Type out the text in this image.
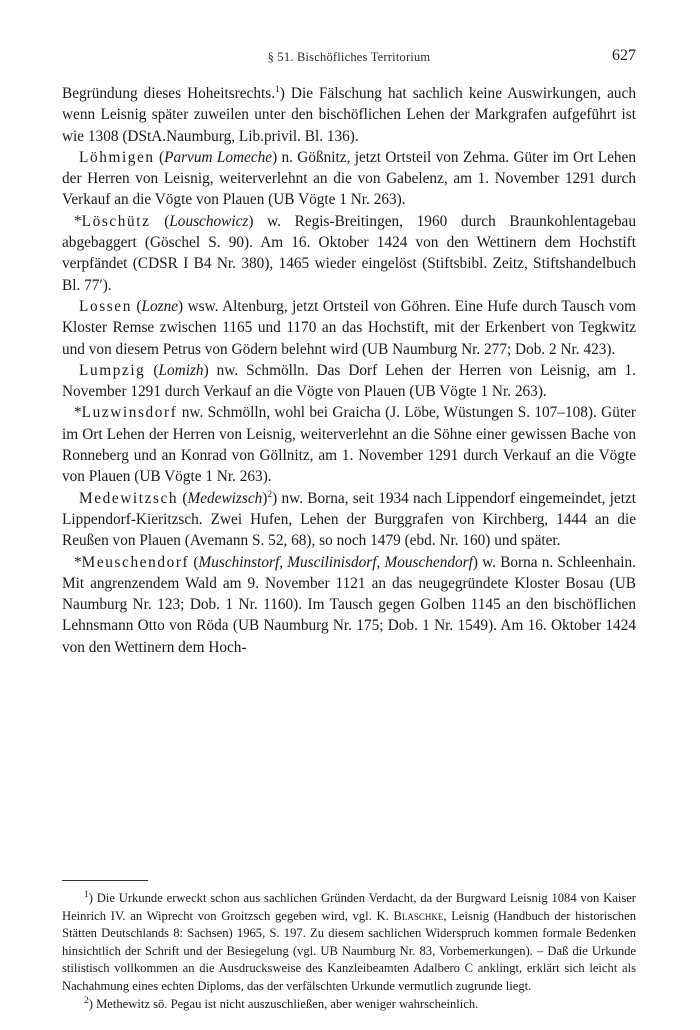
§ 51. Bischöfliches Territorium	627

Begründung dieses Hoheitsrechts.$^1$) Die Fälschung hat sachlich keine Auswirkungen, auch wenn Leisnig später zuweilen unter den bischöflichen Lehen der Markgrafen aufgeführt ist wie 1308 (DStA.Naumburg, Lib.privil. Bl. 136).

Löhmigen (Parvum Lomeche) n. Gößnitz, jetzt Ortsteil von Zehma. Güter im Ort Lehen der Herren von Leisnig, weiterverlehnt an die von Gabelenz, am 1. November 1291 durch Verkauf an die Vögte von Plauen (UB Vögte 1 Nr. 263).

*Löschütz (Louschowicz) w. Regis-Breitingen, 1960 durch Braunkohlentagebau abgebaggert (Göschel S. 90). Am 16. Oktober 1424 von den Wettinern dem Hochstift verpfändet (CDSR I B4 Nr. 380), 1465 wieder eingelöst (Stiftsbibl. Zeitz, Stiftshandelbuch Bl. 77′).

Lossen (Lozne) wsw. Altenburg, jetzt Ortsteil von Göhren. Eine Hufe durch Tausch vom Kloster Remse zwischen 1165 und 1170 an das Hochstift, mit der Erkenbert von Tegkwitz und von diesem Petrus von Gödern belehnt wird (UB Naumburg Nr. 277; Dob. 2 Nr. 423).

Lumpzig (Lomizh) nw. Schmölln. Das Dorf Lehen der Herren von Leisnig, am 1. November 1291 durch Verkauf an die Vögte von Plauen (UB Vögte 1 Nr. 263).

*Luzwinsdorf nw. Schmölln, wohl bei Graicha (J. Löbe, Wüstungen S. 107–108). Güter im Ort Lehen der Herren von Leisnig, weiterverlehnt an die Söhne einer gewissen Bache von Ronneberg und an Konrad von Göllnitz, am 1. November 1291 durch Verkauf an die Vögte von Plauen (UB Vögte 1 Nr. 263).

Medewitzsch (Medewizsch)$^2$) nw. Borna, seit 1934 nach Lippendorf eingemeindet, jetzt Lippendorf-Kieritzsch. Zwei Hufen, Lehen der Burggrafen von Kirchberg, 1444 an die Reußen von Plauen (Avemann S. 52, 68), so noch 1479 (ebd. Nr. 160) und später.

*Meuschendorf (Muschinstorf, Muscilinisdorf, Mouschendorf) w. Borna n. Schleenhain. Mit angrenzendem Wald am 9. November 1121 an das neugegründete Kloster Bosau (UB Naumburg Nr. 123; Dob. 1 Nr. 1160). Im Tausch gegen Golben 1145 an den bischöflichen Lehnsmann Otto von Röda (UB Naumburg Nr. 175; Dob. 1 Nr. 1549). Am 16. Oktober 1424 von den Wettinern dem Hoch-

$^1$) Die Urkunde erweckt schon aus sachlichen Gründen Verdacht, da der Burgward Leisnig 1084 von Kaiser Heinrich IV. an Wiprecht von Groitzsch gegeben wird, vgl. K. Blaschke, Leisnig (Handbuch der historischen Stätten Deutschlands 8: Sachsen) 1965, S. 197. Zu diesem sachlichen Widerspruch kommen formale Bedenken hinsichtlich der Schrift und der Besiegelung (vgl. UB Naumburg Nr. 83, Vorbemerkungen). – Daß die Urkunde stilistisch vollkommen an die Ausdrucksweise des Kanzleibeamten Adalbero C anklingt, erklärt sich leicht als Nachahmung eines echten Diploms, das der verfälschten Urkunde vermutlich zugrunde liegt.

$^2$) Methewitz sö. Pegau ist nicht auszuschließen, aber weniger wahrscheinlich.
